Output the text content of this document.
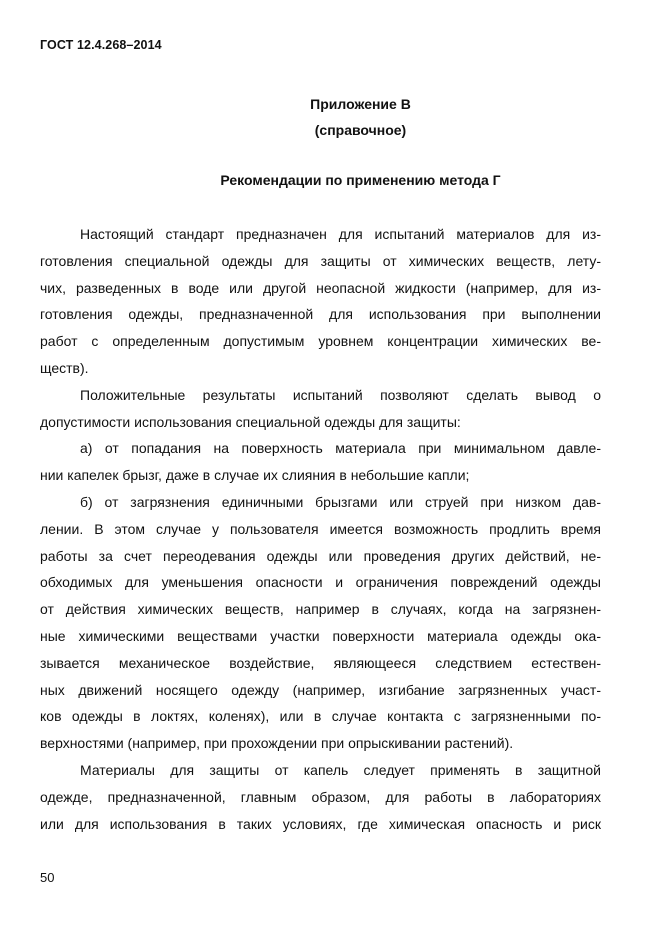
ГОСТ 12.4.268–2014
Приложение В
(справочное)
Рекомендации по применению метода Г
Настоящий стандарт предназначен для испытаний материалов для из-
готовления специальной одежды для защиты от химических веществ, лету-
чих, разведенных в воде или другой неопасной жидкости (например, для из-
готовления одежды, предназначенной для использования при выполнении
работ с определенным допустимым уровнем концентрации химических ве-
ществ).
Положительные результаты испытаний позволяют сделать вывод о
допустимости использования специальной одежды для защиты:
а) от попадания на поверхность материала при минимальном давле-
нии капелек брызг, даже в случае их слияния в небольшие капли;
б) от загрязнения единичными брызгами или струей при низком дав-
лении. В этом случае у пользователя имеется возможность продлить время
работы за счет переодевания одежды или проведения других действий, не-
обходимых для уменьшения опасности и ограничения повреждений одежды
от действия химических веществ, например в случаях, когда на загрязнен-
ные химическими веществами участки поверхности материала одежды ока-
зывается механическое воздействие, являющееся следствием естествен-
ных движений носящего одежду (например, изгибание загрязненных участ-
ков одежды в локтях, коленях), или в случае контакта с загрязненными по-
верхностями (например, при прохождении при опрыскивании растений).
Материалы для защиты от капель следует применять в защитной
одежде, предназначенной, главным образом, для работы в лабораториях
или для использования в таких условиях, где химическая опасность и риск
50
